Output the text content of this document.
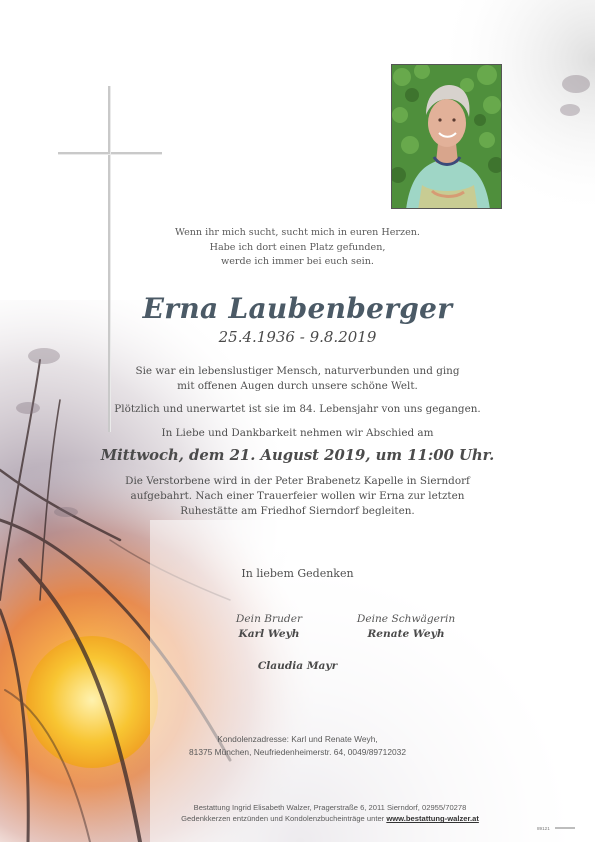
Wenn ihr mich sucht, sucht mich in euren Herzen.
Habe ich dort einen Platz gefunden,
werde ich immer bei euch sein.
Erna Laubenberger
25.4.1936 - 9.8.2019
Sie war ein lebenslustiger Mensch, naturverbunden und ging
mit offenen Augen durch unsere schöne Welt.
Plötzlich und unerwartet ist sie im 84. Lebensjahr von uns gegangen.
In Liebe und Dankbarkeit nehmen wir Abschied am
Mittwoch, dem 21. August 2019, um 11:00 Uhr.
Die Verstorbene wird in der Peter Brabenetz Kapelle in Sierndorf
aufgebahrt. Nach einer Trauerfeier wollen wir Erna zur letzten
Ruhestätte am Friedhof Sierndorf begleiten.
In liebem Gedenken
Dein Bruder
Karl Weyh
Deine Schwägerin
Renate Weyh
Claudia Mayr
Kondolenzadresse: Karl und Renate Weyh,
81375 München, Neufriedenheimerstr. 64, 0049/89712032
Bestattung Ingrid Elisabeth Walzer, Pragerstraße 6, 2011 Sierndorf, 02955/70278
Gedenkkerzen entzünden und Kondolenzbucheinträge unter www.bestattung-walzer.at
89121
